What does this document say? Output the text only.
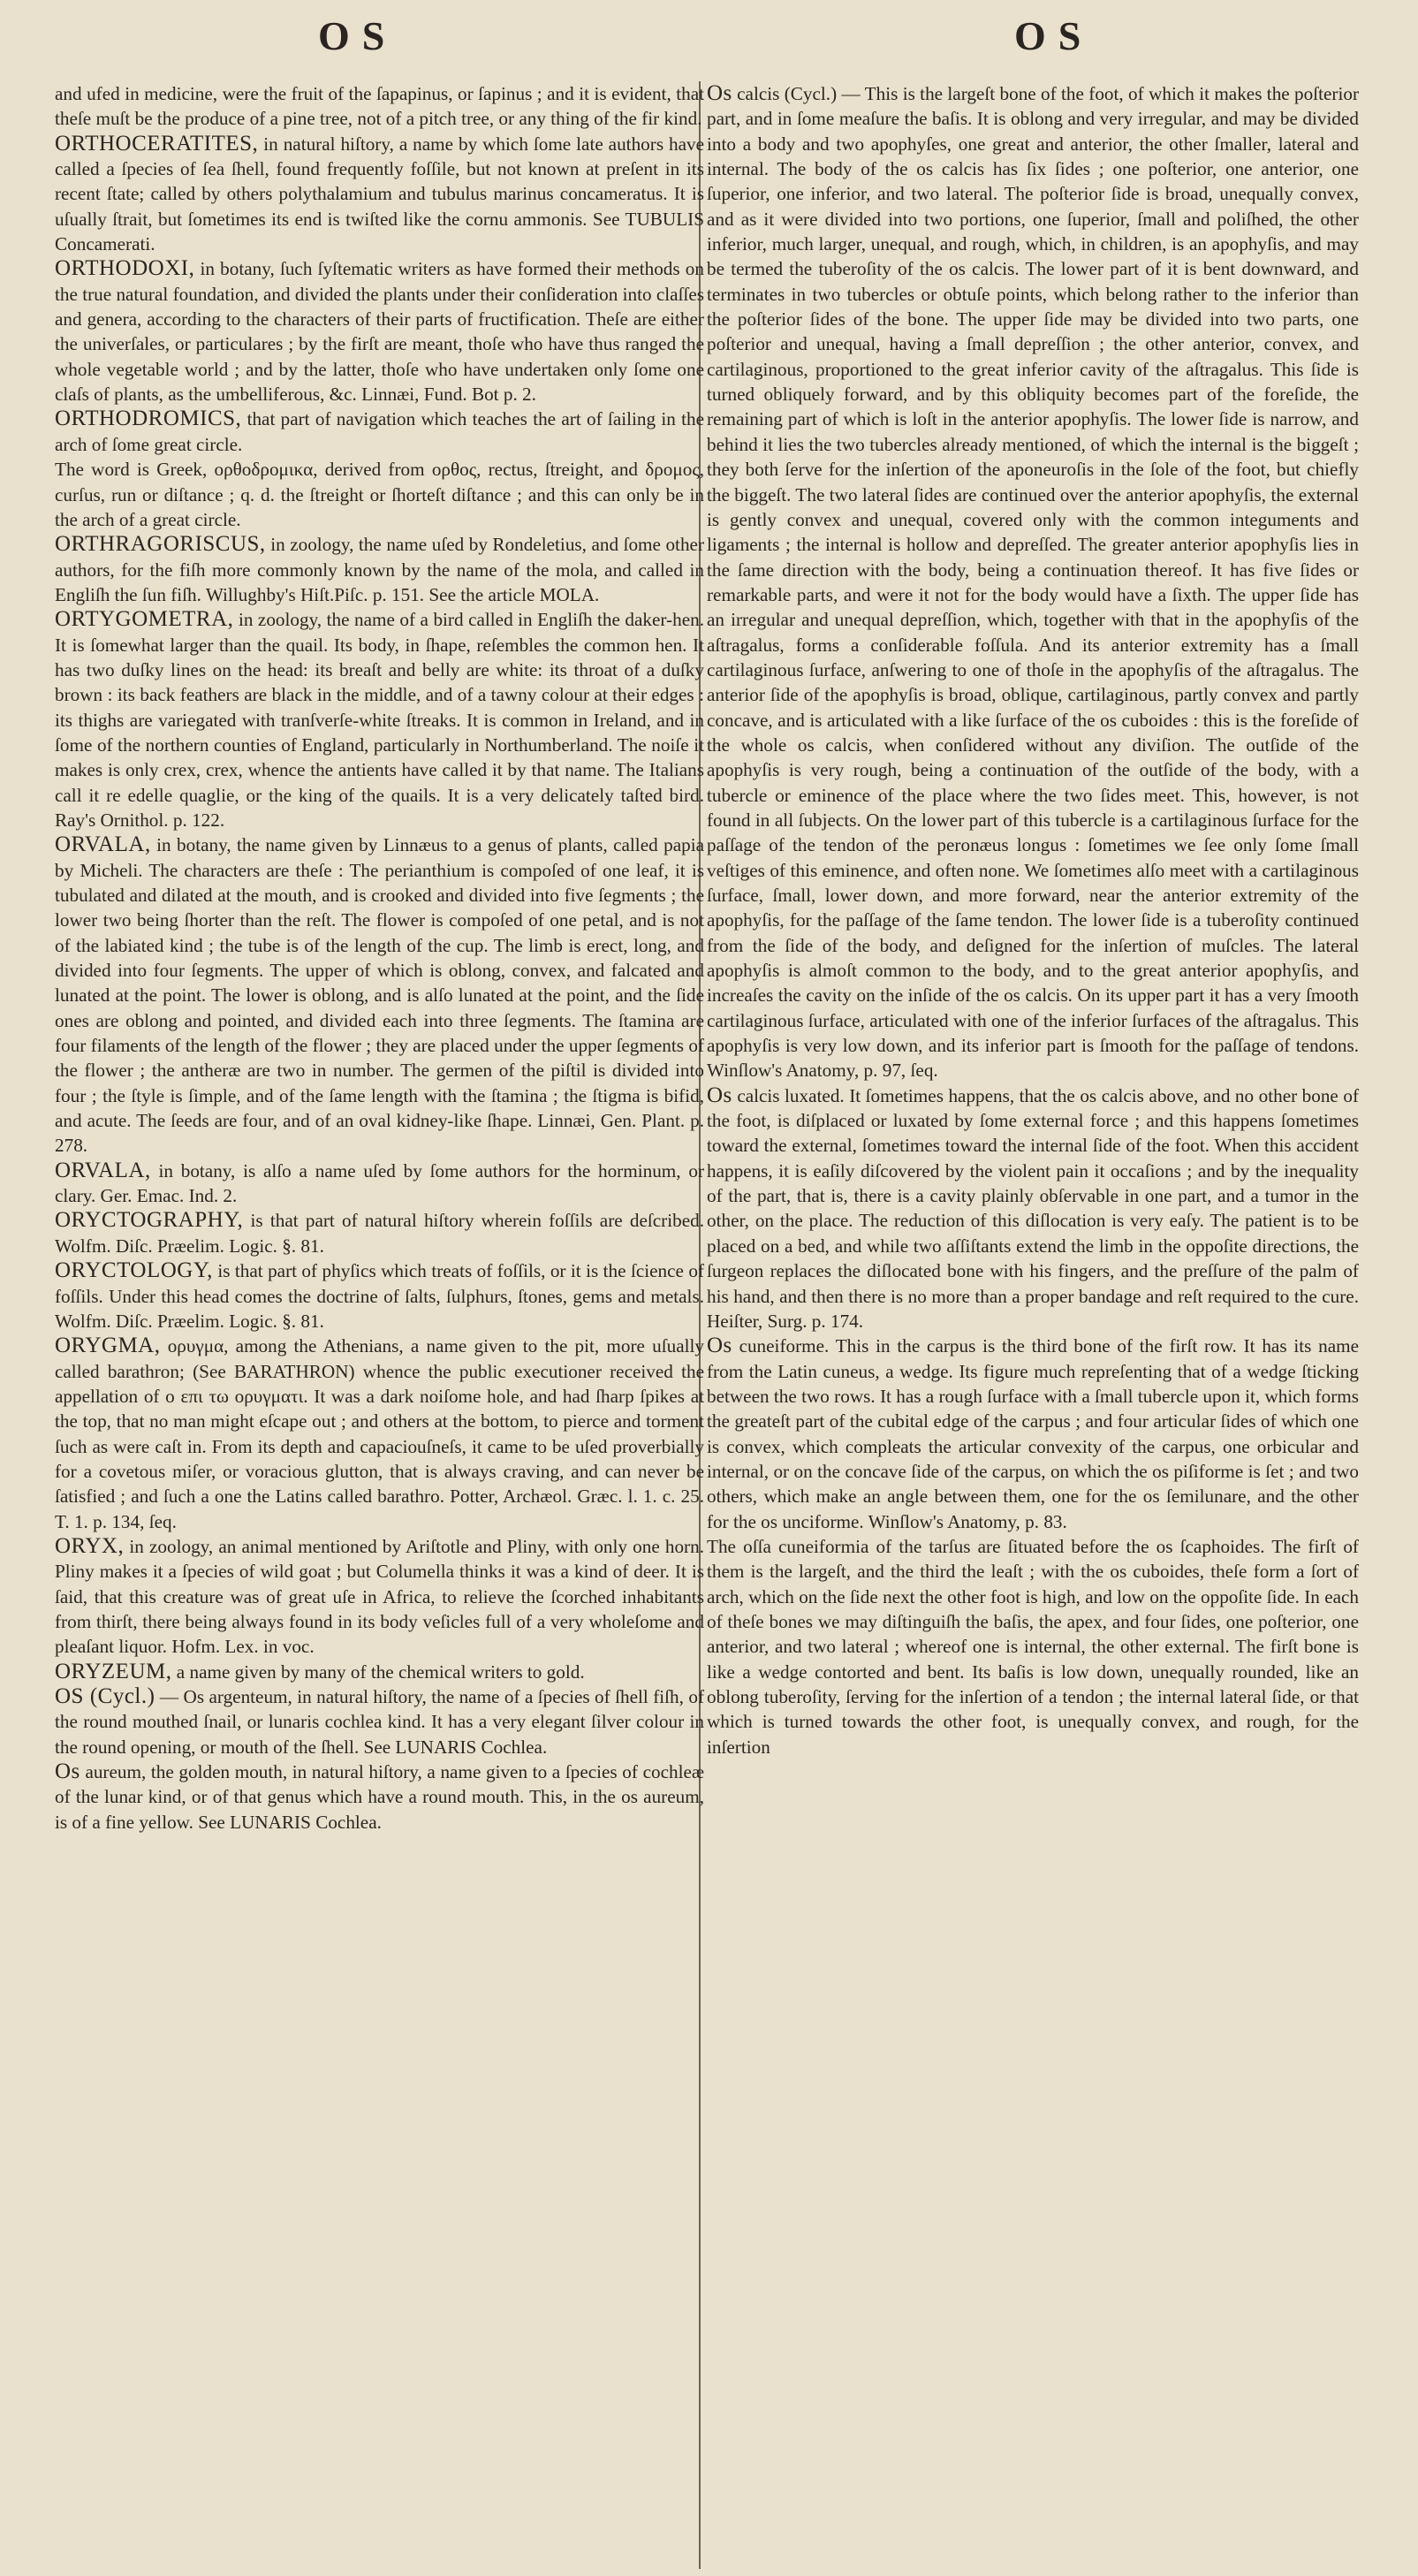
OS	OS

and ufed in medicine, were the fruit of the ſapapinus, or ſapinus ; and it is evident, that theſe muſt be the produce of a pine tree, not of a pitch tree, or any thing of the fir kind.

ORTHOCERATITES, in natural hiſtory, a name by which ſome late authors have called a ſpecies of ſea ſhell, found frequently foſſile, but not known at preſent in its recent ſtate; called by others polythalamium and tubulus marinus concameratus. It is uſually ſtrait, but ſometimes its end is twiſted like the cornu ammonis. See TUBULIS Concamerati.

ORTHODOXI, in botany, ſuch ſyſtematic writers as have formed their methods on the true natural foundation, and divided the plants under their conſideration into claſſes and genera, according to the characters of their parts of fructification. Theſe are either the univerſales, or particulares ; by the firſt are meant, thoſe who have thus ranged the whole vegetable world ; and by the latter, thoſe who have undertaken only ſome one claſs of plants, as the umbelliferous, &c. Linnæi, Fund. Bot p. 2.

ORTHODROMICS, that part of navigation which teaches the art of ſailing in the arch of ſome great circle.

The word is Greek, ορθοδρομικα, derived from ορθος, rectus, ſtreight, and δρομος, curſus, run or diſtance ; q. d. the ſtreight or ſhorteſt diſtance ; and this can only be in the arch of a great circle.

ORTHRAGORISCUS, in zoology, the name uſed by Rondeletius, and ſome other authors, for the fiſh more commonly known by the name of the mola, and called in Engliſh the ſun fiſh. Willughby's Hiſt.Piſc. p. 151. See the article MOLA.

ORTYGOMETRA, in zoology, the name of a bird called in Engliſh the daker-hen. It is ſomewhat larger than the quail. Its body, in ſhape, reſembles the common hen. It has two duſky lines on the head: its breaſt and belly are white: its throat of a duſky brown : its back feathers are black in the middle, and of a tawny colour at their edges : its thighs are variegated with tranſverſe-white ſtreaks. It is common in Ireland, and in ſome of the northern counties of England, particularly in Northumberland. The noiſe it makes is only crex, crex, whence the antients have called it by that name. The Italians call it re edelle quaglie, or the king of the quails. It is a very delicately taſted bird. Ray's Ornithol. p. 122.

ORVALA, in botany, the name given by Linnæus to a genus of plants, called papia by Micheli. The characters are theſe : The perianthium is compoſed of one leaf, it is tubulated and dilated at the mouth, and is crooked and divided into five ſegments ; the lower two being ſhorter than the reſt. The flower is compoſed of one petal, and is not of the labiated kind ; the tube is of the length of the cup. The limb is erect, long, and divided into four ſegments. The upper of which is oblong, convex, and falcated and lunated at the point. The lower is oblong, and is alſo lunated at the point, and the ſide ones are oblong and pointed, and divided each into three ſegments. The ſtamina are four filaments of the length of the flower ; they are placed under the upper ſegments of the flower ; the antheræ are two in number. The germen of the piſtil is divided into four ; the ſtyle is ſimple, and of the ſame length with the ſtamina ; the ſtigma is bifid, and acute. The ſeeds are four, and of an oval kidney-like ſhape. Linnæi, Gen. Plant. p. 278.

ORVALA, in botany, is alſo a name uſed by ſome authors for the horminum, or clary. Ger. Emac. Ind. 2.

ORYCTOGRAPHY, is that part of natural hiſtory wherein foſſils are deſcribed. Wolfm. Diſc. Præelim. Logic. §. 81.

ORYCTOLOGY, is that part of phyſics which treats of foſſils, or it is the ſcience of foſſils. Under this head comes the doctrine of ſalts, ſulphurs, ſtones, gems and metals. Wolfm. Diſc. Præelim. Logic. §. 81.

ORYGMA, ορυγμα, among the Athenians, a name given to the pit, more uſually called barathron; (See BARATHRON) whence the public executioner received the appellation of ο επι τω ορυγματι. It was a dark noiſome hole, and had ſharp ſpikes at the top, that no man might eſcape out ; and others at the bottom, to pierce and torment ſuch as were caſt in. From its depth and capaciouſneſs, it came to be uſed proverbially for a covetous miſer, or voracious glutton, that is always craving, and can never be ſatisfied ; and ſuch a one the Latins called barathro. Potter, Archæol. Græc. l. 1. c. 25. T. 1. p. 134, ſeq.

ORYX, in zoology, an animal mentioned by Ariſtotle and Pliny, with only one horn. Pliny makes it a ſpecies of wild goat ; but Columella thinks it was a kind of deer. It is ſaid, that this creature was of great uſe in Africa, to relieve the ſcorched inhabitants from thirſt, there being always found in its body veſicles full of a very wholeſome and pleaſant liquor. Hofm. Lex. in voc.

ORYZEUM, a name given by many of the chemical writers to gold.

OS (Cycl.) — Os argenteum, in natural hiſtory, the name of a ſpecies of ſhell fiſh, of the round mouthed ſnail, or lunaris cochlea kind. It has a very elegant ſilver colour in the round opening, or mouth of the ſhell. See LUNARIS Cochlea.

Os aureum, the golden mouth, in natural hiſtory, a name given to a ſpecies of cochleæ of the lunar kind, or of that genus which have a round mouth. This, in the os aureum, is of a fine yellow. See LUNARIS Cochlea.

Os calcis (Cycl.) — This is the largeſt bone of the foot, of which it makes the poſterior part, and in ſome meaſure the baſis. It is oblong and very irregular, and may be divided into a body and two apophyſes, one great and anterior, the other ſmaller, lateral and internal. The body of the os calcis has ſix ſides ; one poſterior, one anterior, one ſuperior, one inferior, and two lateral. The poſterior ſide is broad, unequally convex, and as it were divided into two portions, one ſuperior, ſmall and poliſhed, the other inferior, much larger, unequal, and rough, which, in children, is an apophyſis, and may be termed the tuberoſity of the os calcis. The lower part of it is bent downward, and terminates in two tubercles or obtuſe points, which belong rather to the inferior than the poſterior ſides of the bone. The upper ſide may be divided into two parts, one poſterior and unequal, having a ſmall depreſſion ; the other anterior, convex, and cartilaginous, proportioned to the great inferior cavity of the aſtragalus. This ſide is turned obliquely forward, and by this obliquity becomes part of the foreſide, the remaining part of which is loſt in the anterior apophyſis. The lower ſide is narrow, and behind it lies the two tubercles already mentioned, of which the internal is the biggeſt ; they both ſerve for the inſertion of the aponeuroſis in the ſole of the foot, but chiefly the biggeſt. The two lateral ſides are continued over the anterior apophyſis, the external is gently convex and unequal, covered only with the common integuments and ligaments ; the internal is hollow and depreſſed. The greater anterior apophyſis lies in the ſame direction with the body, being a continuation thereof. It has five ſides or remarkable parts, and were it not for the body would have a ſixth. The upper ſide has an irregular and unequal depreſſion, which, together with that in the apophyſis of the aſtragalus, forms a conſiderable foſſula. And its anterior extremity has a ſmall cartilaginous ſurface, anſwering to one of thoſe in the apophyſis of the aſtragalus. The anterior ſide of the apophyſis is broad, oblique, cartilaginous, partly convex and partly concave, and is articulated with a like ſurface of the os cuboides : this is the foreſide of the whole os calcis, when conſidered without any diviſion. The outſide of the apophyſis is very rough, being a continuation of the outſide of the body, with a tubercle or eminence of the place where the two ſides meet. This, however, is not found in all ſubjects. On the lower part of this tubercle is a cartilaginous ſurface for the paſſage of the tendon of the peronæus longus : ſometimes we ſee only ſome ſmall veſtiges of this eminence, and often none. We ſometimes alſo meet with a cartilaginous ſurface, ſmall, lower down, and more forward, near the anterior extremity of the apophyſis, for the paſſage of the ſame tendon. The lower ſide is a tuberoſity continued from the ſide of the body, and deſigned for the inſertion of muſcles. The lateral apophyſis is almoſt common to the body, and to the great anterior apophyſis, and increaſes the cavity on the inſide of the os calcis. On its upper part it has a very ſmooth cartilaginous ſurface, articulated with one of the inferior ſurfaces of the aſtragalus. This apophyſis is very low down, and its inferior part is ſmooth for the paſſage of tendons. Winſlow's Anatomy, p. 97, ſeq.

Os calcis luxated. It ſometimes happens, that the os calcis above, and no other bone of the foot, is diſplaced or luxated by ſome external force ; and this happens ſometimes toward the external, ſometimes toward the internal ſide of the foot. When this accident happens, it is eaſily diſcovered by the violent pain it occaſions ; and by the inequality of the part, that is, there is a cavity plainly obſervable in one part, and a tumor in the other, on the place. The reduction of this diſlocation is very eaſy. The patient is to be placed on a bed, and while two aſſiſtants extend the limb in the oppoſite directions, the ſurgeon replaces the diſlocated bone with his fingers, and the preſſure of the palm of his hand, and then there is no more than a proper bandage and reſt required to the cure. Heiſter, Surg. p. 174.

Os cuneiforme. This in the carpus is the third bone of the firſt row. It has its name from the Latin cuneus, a wedge. Its figure much repreſenting that of a wedge ſticking between the two rows. It has a rough ſurface with a ſmall tubercle upon it, which forms the greateſt part of the cubital edge of the carpus ; and four articular ſides of which one is convex, which compleats the articular convexity of the carpus, one orbicular and internal, or on the concave ſide of the carpus, on which the os piſiforme is ſet ; and two others, which make an angle between them, one for the os ſemilunare, and the other for the os unciforme. Winſlow's Anatomy, p. 83.

The oſſa cuneiformia of the tarſus are ſituated before the os ſcaphoides. The firſt of them is the largeſt, and the third the leaſt ; with the os cuboides, theſe form a ſort of arch, which on the ſide next the other foot is high, and low on the oppoſite ſide. In each of theſe bones we may diſtinguiſh the baſis, the apex, and four ſides, one poſterior, one anterior, and two lateral ; whereof one is internal, the other external. The firſt bone is like a wedge contorted and bent. Its baſis is low down, unequally rounded, like an oblong tuberoſity, ſerving for the inſertion of a tendon ; the internal lateral ſide, or that which is turned towards the other foot, is unequally convex, and rough, for the inſertion
